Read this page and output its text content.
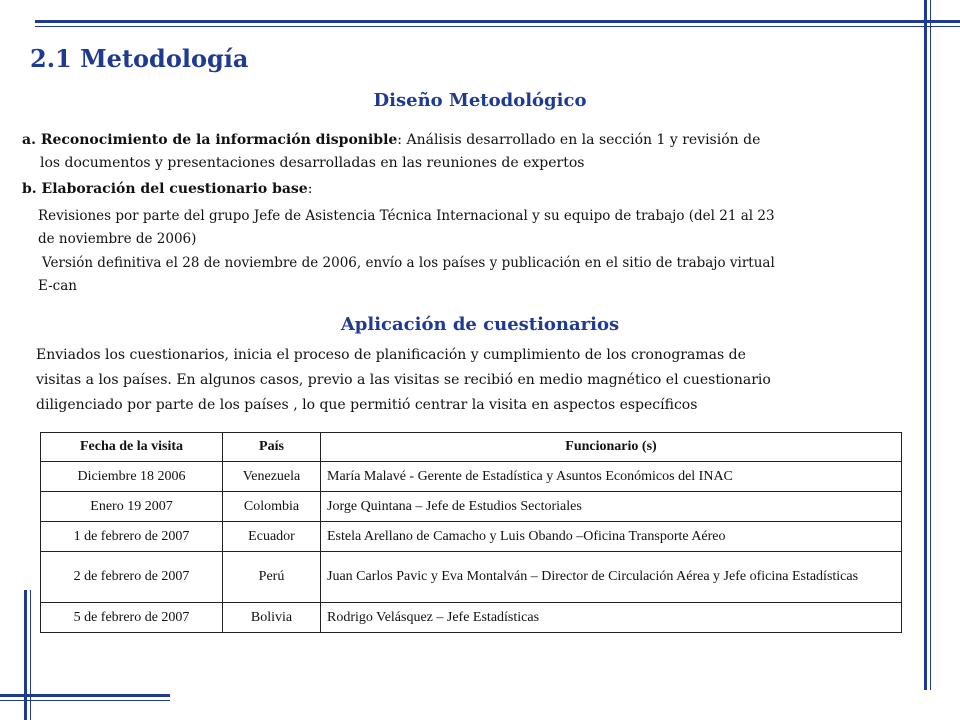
2.1 Metodología
Diseño Metodológico

a. Reconocimiento de la información disponible: Análisis desarrollado en la sección 1 y revisión de

los documentos y presentaciones desarrolladas en las reuniones de expertos

b. Elaboración del cuestionario base:

Revisiones por parte del grupo Jefe de Asistencia Técnica Internacional y su equipo de trabajo (del 21 al 23

de noviembre de 2006)

Versión definitiva el 28 de noviembre de 2006, envío a los países y publicación en el sitio de trabajo virtual

E-can

Aplicación de cuestionarios

Enviados los cuestionarios, inicia el proceso de planificación y cumplimiento de los cronogramas de

visitas a los países. En algunos casos, previo a las visitas se recibió en medio magnético el cuestionario

diligenciado por parte de los países , lo que permitió centrar la visita en aspectos específicos

Fecha de la visita	País	Funcionario (s)
Diciembre 18 2006	Venezuela	María Malavé - Gerente de Estadística y Asuntos Económicos del INAC
Enero 19 2007	Colombia	Jorge Quintana – Jefe de Estudios Sectoriales
1 de febrero de 2007	Ecuador	Estela Arellano de Camacho y Luis Obando –Oficina Transporte Aéreo
2 de febrero de 2007	Perú	Juan Carlos Pavic y Eva Montalván – Director de Circulación Aérea y Jefe oficina Estadísticas
5 de febrero de 2007	Bolivia	Rodrigo Velásquez – Jefe Estadísticas
